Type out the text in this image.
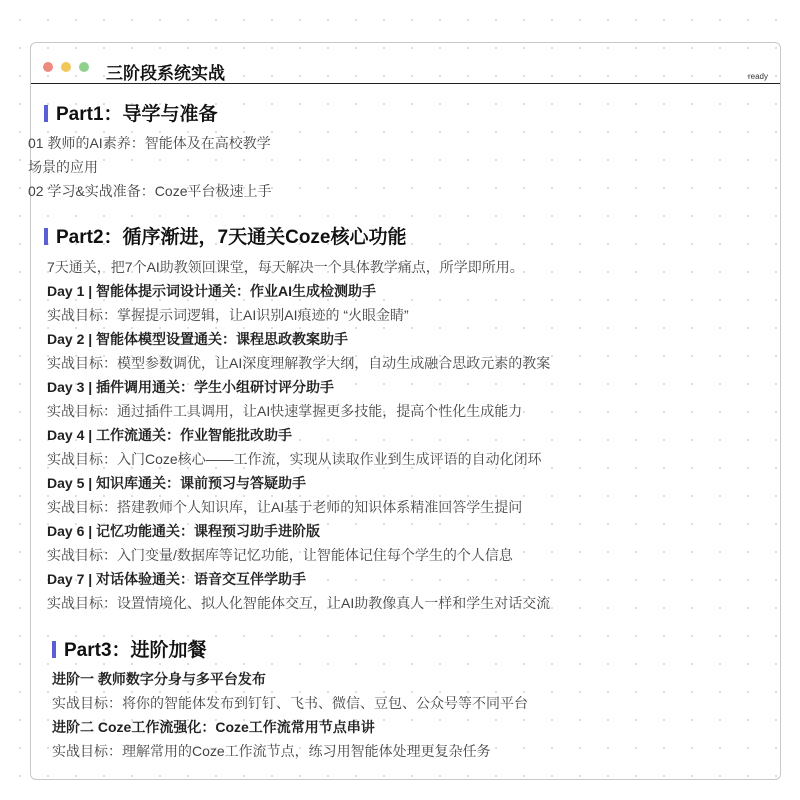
三阶段系统实战	ready
Part1：导学与准备
01 教师的AI素养：智能体及在高校教学
场景的应用
02 学习&实战准备：Coze平台极速上手
Part2：循序渐进，7天通关Coze核心功能
7天通关，把7个AI助教领回课堂，每天解决一个具体教学痛点，所学即所用。
Day 1 | 智能体提示词设计通关：作业AI生成检测助手
实战目标：掌握提示词逻辑，让AI识别AI痕迹的 “火眼金睛”
Day 2 | 智能体模型设置通关：课程思政教案助手
实战目标：模型参数调优，让AI深度理解教学大纲，自动生成融合思政元素的教案
Day 3 | 插件调用通关：学生小组研讨评分助手
实战目标：通过插件工具调用，让AI快速掌握更多技能，提高个性化生成能力
Day 4 | 工作流通关：作业智能批改助手
实战目标：入门Coze核心——工作流，实现从读取作业到生成评语的自动化闭环
Day 5 | 知识库通关：课前预习与答疑助手
实战目标：搭建教师个人知识库，让AI基于老师的知识体系精准回答学生提问
Day 6 | 记忆功能通关：课程预习助手进阶版
实战目标：入门变量/数据库等记忆功能，让智能体记住每个学生的个人信息
Day 7 | 对话体验通关：语音交互伴学助手
实战目标：设置情境化、拟人化智能体交互，让AI助教像真人一样和学生对话交流
Part3：进阶加餐
进阶一 教师数字分身与多平台发布
实战目标：将你的智能体发布到钉钉、飞书、微信、豆包、公众号等不同平台
进阶二 Coze工作流强化：Coze工作流常用节点串讲
实战目标：理解常用的Coze工作流节点，练习用智能体处理更复杂任务
